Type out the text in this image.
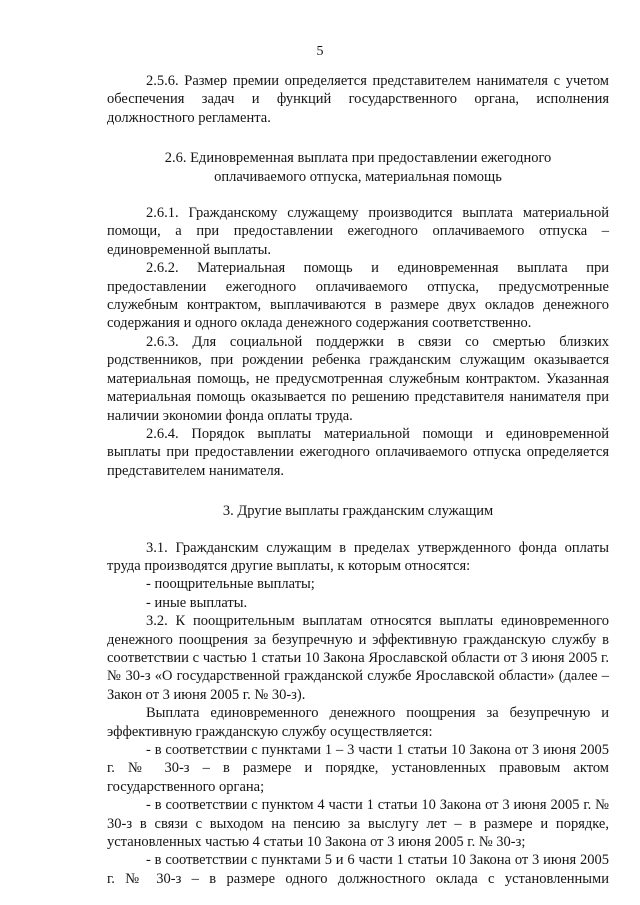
5

2.5.6. Размер премии определяется представителем нанимателя с учетом обеспечения задач и функций государственного органа, исполнения должностного регламента.

2.6. Единовременная выплата при предоставлении ежегодного

оплачиваемого отпуска, материальная помощь

2.6.1. Гражданскому служащему производится выплата материальной помощи, а при предоставлении ежегодного оплачиваемого отпуска – единовременной выплаты.

2.6.2. Материальная помощь и единовременная выплата при предоставлении ежегодного оплачиваемого отпуска, предусмотренные служебным контрактом, выплачиваются в размере двух окладов денежного содержания и одного оклада денежного содержания соответственно.

2.6.3. Для социальной поддержки в связи со смертью близких родственников, при рождении ребенка гражданским служащим оказывается материальная помощь, не предусмотренная служебным контрактом. Указанная материальная помощь оказывается по решению представителя нанимателя при наличии экономии фонда оплаты труда.

2.6.4. Порядок выплаты материальной помощи и единовременной выплаты при предоставлении ежегодного оплачиваемого отпуска определяется представителем нанимателя.

3. Другие выплаты гражданским служащим

3.1. Гражданским служащим в пределах утвержденного фонда оплаты труда производятся другие выплаты, к которым относятся:

- поощрительные выплаты;

- иные выплаты.

3.2. К поощрительным выплатам относятся выплаты единовременного денежного поощрения за безупречную и эффективную гражданскую службу в соответствии с частью 1 статьи 10 Закона Ярославской области от 3 июня 2005 г. № 30-з «О государственной гражданской службе Ярославской области» (далее – Закон от 3 июня 2005 г. № 30-з).

Выплата единовременного денежного поощрения за безупречную и эффективную гражданскую службу осуществляется:

- в соответствии с пунктами 1 – 3 части 1 статьи 10 Закона от 3 июня 2005 г. № 30-з – в размере и порядке, установленных правовым актом государственного органа;

- в соответствии с пунктом 4 части 1 статьи 10 Закона от 3 июня 2005 г. № 30-з в связи с выходом на пенсию за выслугу лет – в размере и порядке, установленных частью 4 статьи 10 Закона от 3 июня 2005 г. № 30-з;

- в соответствии с пунктами 5 и 6 части 1 статьи 10 Закона от 3 июня 2005 г. № 30-з – в размере одного должностного оклада с установленными
